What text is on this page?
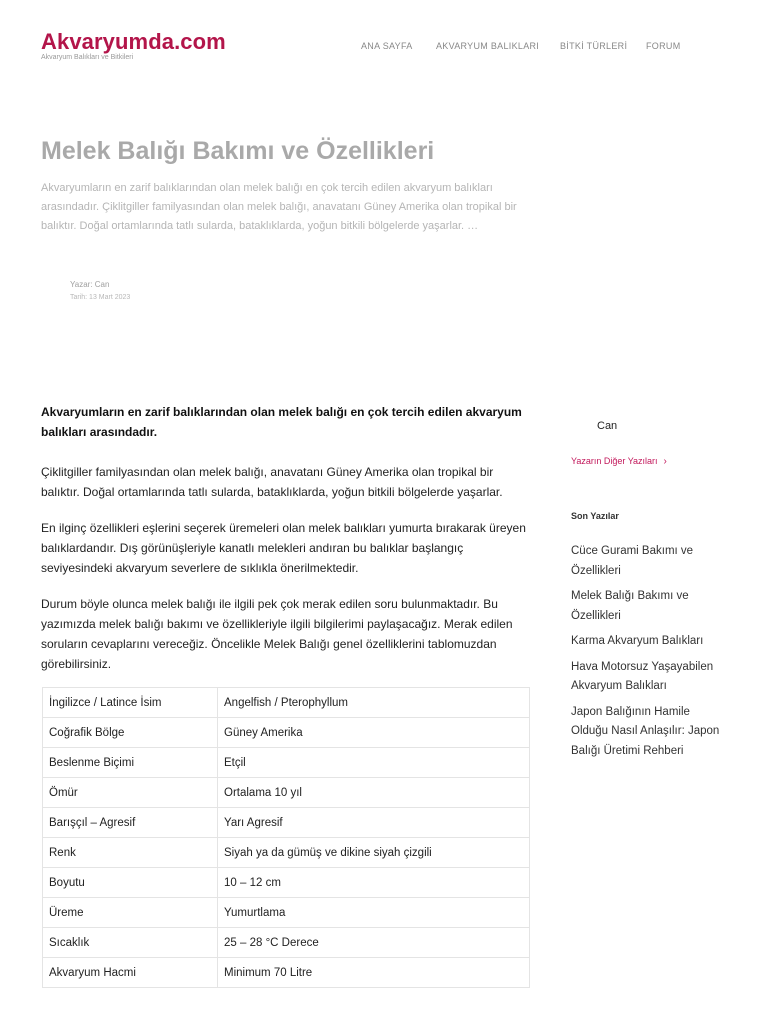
Akvaryumda.com
Akvaryum Balıkları ve Bitkileri
ANA SAYFA	AKVARYUM BALIKLARI BİTKİ TÜRLERİ FORUM
Melek Balığı Bakımı ve Özellikleri
Akvaryumların en zarif balıklarından olan melek balığı en çok tercih edilen akvaryum balıkları arasındadır. Çiklitgiller familyasından olan melek balığı, anavatanı Güney Amerika olan tropikal bir balıktır. Doğal ortamlarında tatlı sularda, bataklıklarda, yoğun bitkili bölgelerde yaşarlar. …
Yazar: Can
Tarih: 13 Mart 2023

Akvaryumların en zarif balıklarından olan melek balığı en çok tercih edilen akvaryum balıkları arasındadır.

Çiklitgiller familyasından olan melek balığı, anavatanı Güney Amerika olan tropikal bir balıktır. Doğal ortamlarında tatlı sularda, bataklıklarda, yoğun bitkili bölgelerde yaşarlar.

En ilginç özellikleri eşlerini seçerek üremeleri olan melek balıkları yumurta bırakarak üreyen balıklardandır. Dış görünüşleriyle kanatlı melekleri andıran bu balıklar başlangıç seviyesindeki akvaryum severlere de sıklıkla önerilmektedir.

Durum böyle olunca melek balığı ile ilgili pek çok merak edilen soru bulunmaktadır. Bu yazımızda melek balığı bakımı ve özellikleriyle ilgili bilgilerimi paylaşacağız. Merak edilen soruların cevaplarını vereceğiz. Öncelikle Melek Balığı genel özelliklerini tablomuzdan görebilirsiniz.

İngilizce / Latince İsim	Angelfish / Pterophyllum
Coğrafik Bölge	Güney Amerika
Beslenme Biçimi	Etçil
Ömür	Ortalama 10 yıl
Barışçıl – Agresif	Yarı Agresif
Renk	Siyah ya da gümüş ve dikine siyah çizgili
Boyutu	10 – 12 cm
Üreme	Yumurtlama
Sıcaklık	25 – 28 °C Derece
Akvaryum Hacmi	Minimum 70 Litre
Can
Yazarın Diğer Yazıları ›
Son Yazılar
Cüce Gurami Bakımı ve Özellikleri
Melek Balığı Bakımı ve Özellikleri
Karma Akvaryum Balıkları
Hava Motorsuz Yaşayabilen Akvaryum Balıkları
Japon Balığının Hamile Olduğu Nasıl Anlaşılır: Japon Balığı Üretimi Rehberi
